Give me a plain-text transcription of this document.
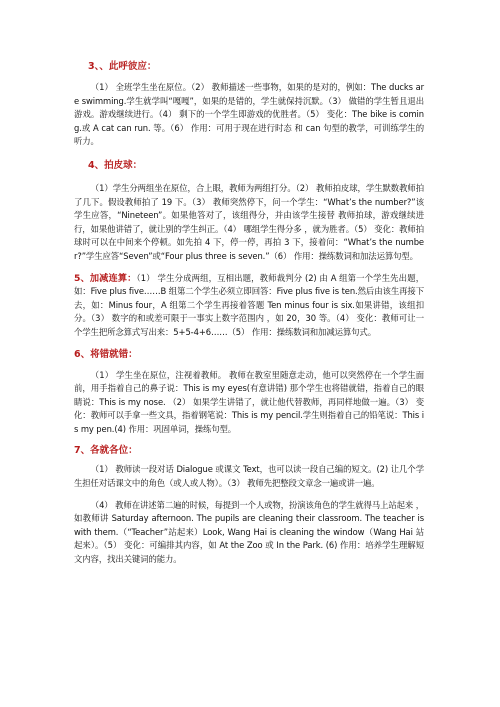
3、、此呼彼应：

（1） 全班学生坐在原位。（2） 教师描述一些事物，如果的是对的，例如：The ducks are swimming.学生就学叫“嘎嘎”，如果的是错的，学生就保持沉默。（3） 做错的学生暂且退出游戏。游戏继续进行。（4） 剩下的一个学生即游戏的优胜者。（5） 变化：The bike is coming.或 A cat can run. 等。（6） 作用：可用于现在进行时态 和 can 句型的教学，可训练学生的听力。

4、拍皮球：

（1）学生分两组坐在原位，合上眼，教师为两组打分。（2） 教师拍皮球，学生默数教师拍了几下。假设教师拍了 19 下。（3） 教师突然停下，问一个学生：“What’s the number?”该学生应答，“Nineteen”。如果他答对了，该组得分，并由该学生接替 教师拍球，游戏继续进行，如果他讲错了，就让别的学生纠正。（4） 哪组学生得分多 ，就为胜者。（5） 变化：教师拍球时可以在中间来个停顿。如先拍 4 下，停一停，再拍 3 下，接着问：“What’s the number?”学生应答“Seven”或“Four plus three is seven.”（6） 作用：操练数词和加法运算句型。

5、加减连算：（1） 学生分成两组，互相出题，教师裁判分 (2) 由 A 组第一个学生先出题，如：Five plus five……B 组第二个学生必须立即回答：Five plus five is ten.然后由该生再接下去，如：Minus four，A 组第二个学生再接着答题 Ten minus four is six.如果讲错，该组扣分。（3） 数字的和或差可限于一事实上数字范围内 ，如 20，30 等。（4） 变化：教师可让一个学生把所念算式写出来：5+5-4+6……（5） 作用：操练数词和加减运算句式。

6、将错就错：

（1） 学生坐在原位，注视着教师。 教师在教室里随意走动，他可以突然停在一个学生面前，用手指着自己的鼻子说：This is my eyes(有意讲错) 那个学生也将错就错，指着自己的眼睛说：This is my nose. （2） 如果学生讲错了，就让他代替教师，再同样地做一遍。（3） 变化：教师可以手拿一些文具，指着钢笔说：This is my pencil.学生则指着自己的铅笔说：This is my pen.(4) 作用：巩固单词，操练句型。

7、各就各位：

（1） 教师读一段对话 Dialogue 或课文 Text，也可以读一段自己编的短文。(2) 让几个学生担任对话课文中的角色（或人或人物）。（3） 教师先把整段文章念一遍或讲一遍。

（4） 教师在讲述第二遍的时候，每提到一个人或物，扮演该角色的学生就得马上站起来 ，如教师讲 Saturday afternoon. The pupils are cleaning their classroom. The teacher is with them.（“Teacher”站起来）Look, Wang Hai is cleaning the window（Wang Hai 站起来）。（5） 变化：可编排其内容，如 At the Zoo 或 In the Park. (6) 作用：培养学生理解短文内容，找出关键词的能力。
